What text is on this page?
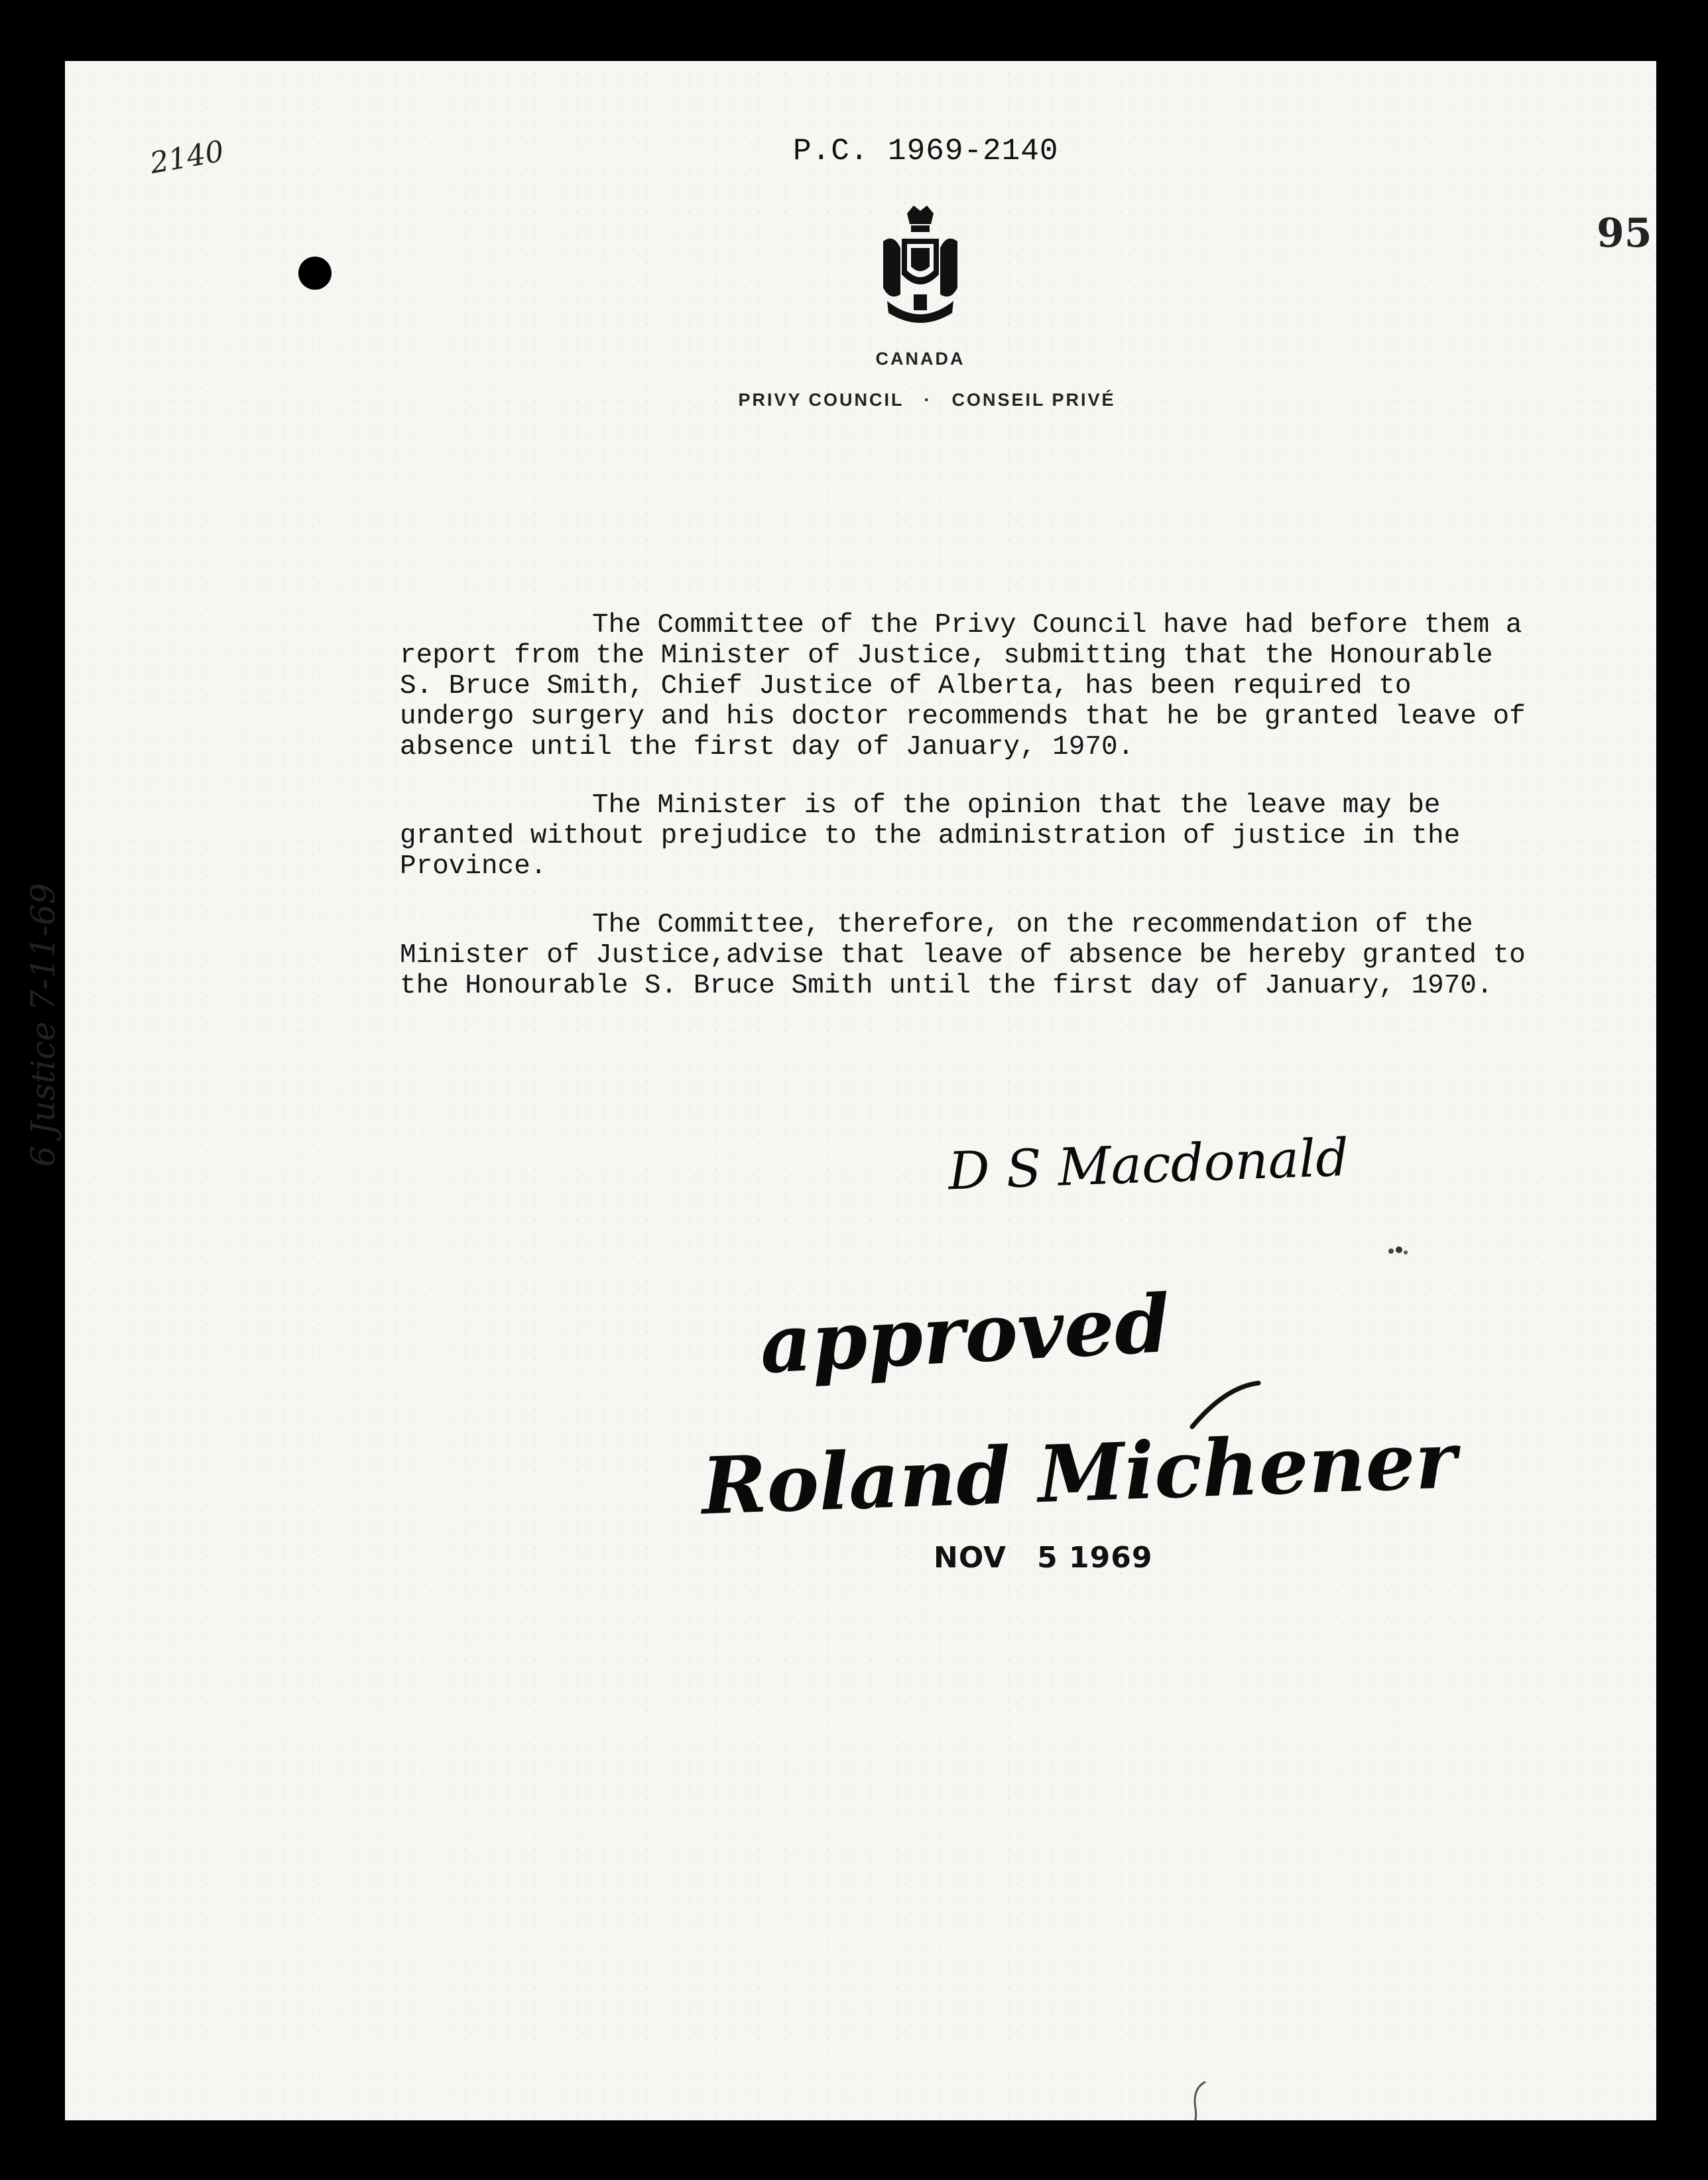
2140	P.C. 1969-2140
95
CANADA
PRIVY COUNCIL · CONSEIL PRIVÉ

The Committee of the Privy Council have had before them a report from the Minister of Justice, submitting that the Honourable S. Bruce Smith, Chief Justice of Alberta, has been required to undergo surgery and his doctor recommends that he be granted leave of absence until the first day of January, 1970.

The Minister is of the opinion that the leave may be granted without prejudice to the administration of justice in the Province.

The Committee, therefore, on the recommendation of the Minister of Justice,advise that leave of absence be hereby granted to the Honourable S. Bruce Smith until the first day of January, 1970.

D S Macdonald
approved
Roland Michener
NOV 5 1969
6 Justice 7-11-69
